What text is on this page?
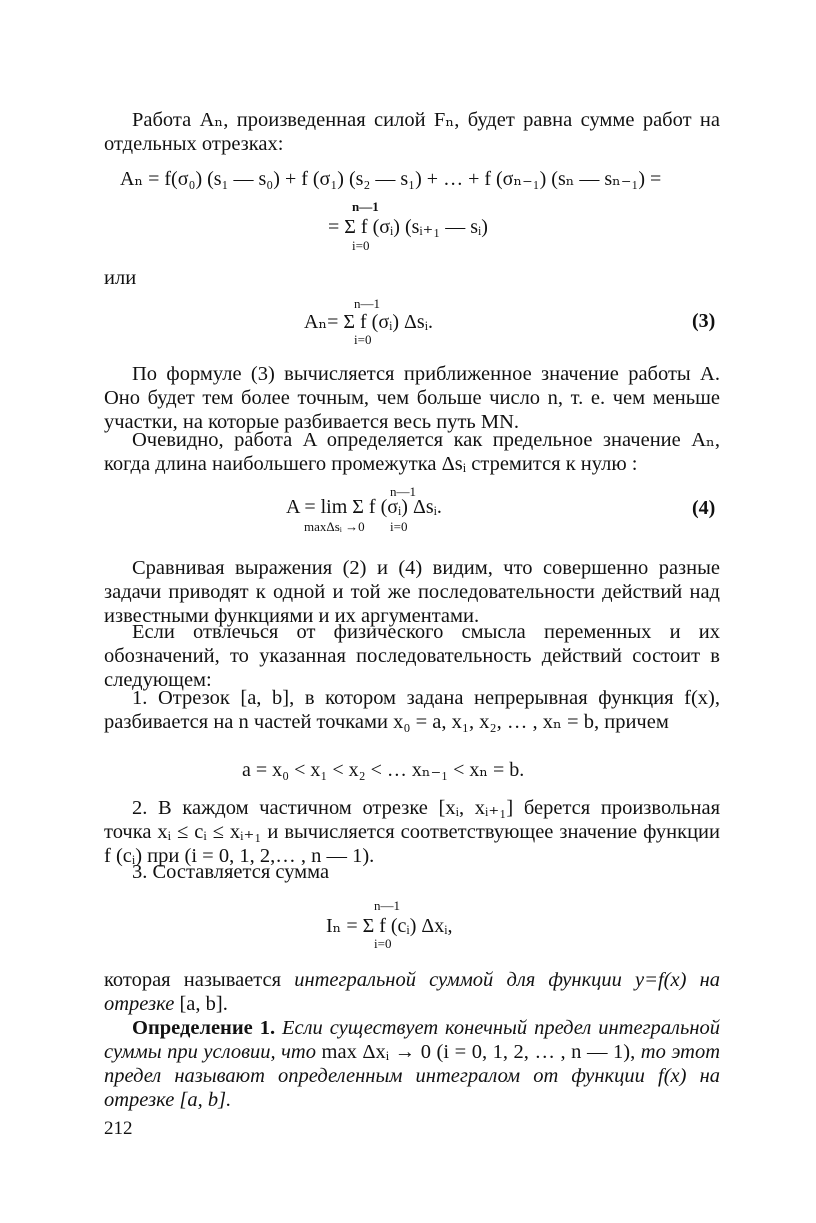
Работа Aₙ, произведенная силой Fₙ, будет равна сумме работ на отдельных отрезках:

Aₙ = f(σ₀) (s₁ — s₀) + f (σ₁) (s₂ — s₁) + … + f (σₙ₋₁) (sₙ — sₙ₋₁) =
n—1
= Σ f (σᵢ) (sᵢ₊₁ — sᵢ)
i=0
или
n—1
Aₙ= Σ f (σᵢ) Δsᵢ.
i=0
(3)

По формуле (3) вычисляется приближенное значение работы A. Оно будет тем более точным, чем больше число n, т. е. чем меньше участки, на которые разбивается весь путь MN.

Очевидно, работа A определяется как предельное значение Aₙ, когда длина наибольшего промежутка Δsᵢ стремится к нулю :

n—1
A = lim Σ f (σᵢ) Δsᵢ.
maxΔsᵢ →0 i=0
(4)

Сравнивая выражения (2) и (4) видим, что совершенно разные задачи приводят к одной и той же последовательности действий над известными функциями и их аргументами.

Если отвлечься от физического смысла переменных и их обозначений, то указанная последовательность действий состоит в следующем:

1. Отрезок [a, b], в котором задана непрерывная функция f(x), разбивается на n частей точками x₀ = a, x₁, x₂, … , xₙ = b, причем

a = x₀ < x₁ < x₂ < … xₙ₋₁ < xₙ = b.

2. В каждом частичном отрезке [xᵢ, xᵢ₊₁] берется произвольная точка xᵢ ≤ cᵢ ≤ xᵢ₊₁ и вычисляется соответствующее значение функции f (cᵢ) при (i = 0, 1, 2,… , n — 1).

3. Составляется сумма

n—1
Iₙ = Σ f (cᵢ) Δxᵢ,
i=0

которая называется интегральной суммой для функции y=f(x) на отрезке [a, b].

Определение 1. Если существует конечный предел интегральной суммы при условии, что max Δxᵢ → 0 (i = 0, 1, 2, … , n — 1), то этот предел называют определенным интегралом от функции f(x) на отрезке [a, b].

212
